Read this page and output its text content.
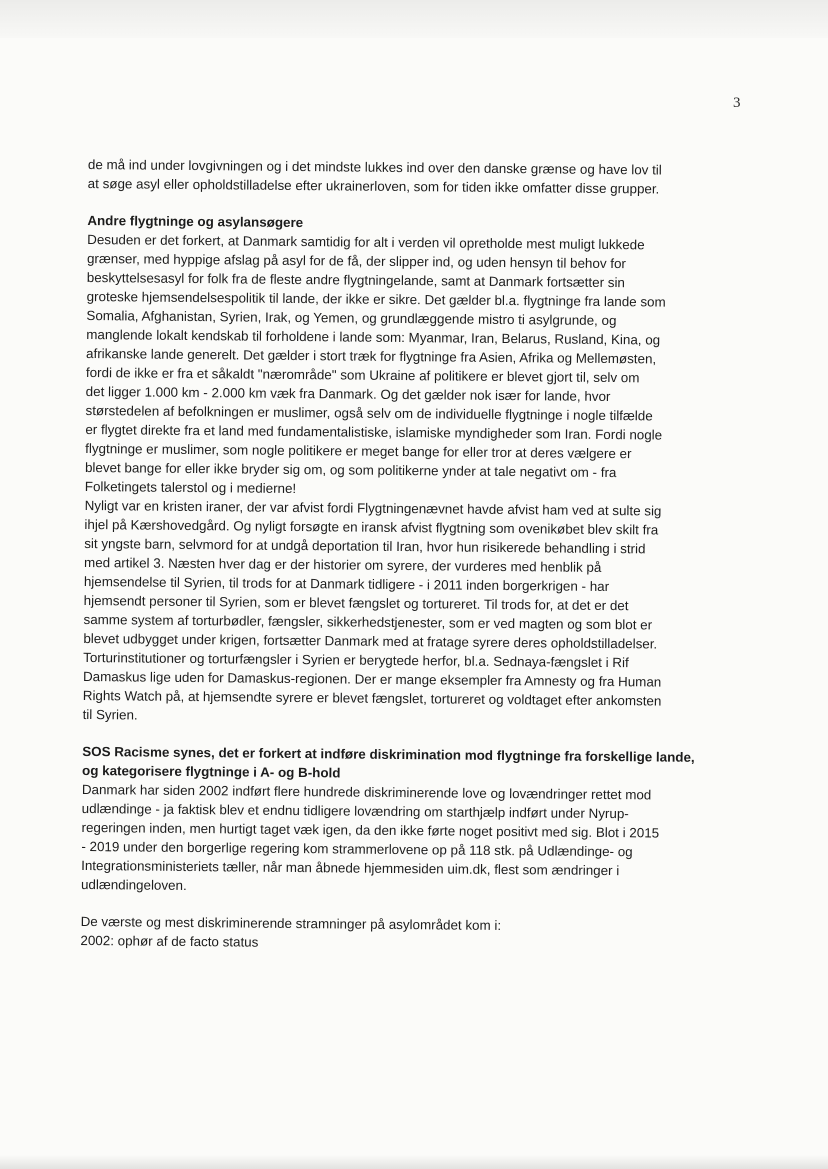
3

de må ind under lovgivningen og i det mindste lukkes ind over den danske grænse og have lov til
at søge asyl eller opholdstilladelse efter ukrainerloven, som for tiden ikke omfatter disse grupper.

Andre flygtninge og asylansøgere

Desuden er det forkert, at Danmark samtidig for alt i verden vil opretholde mest muligt lukkede
grænser, med hyppige afslag på asyl for de få, der slipper ind, og uden hensyn til behov for
beskyttelsesasyl for folk fra de fleste andre flygtningelande, samt at Danmark fortsætter sin
groteske hjemsendelsespolitik til lande, der ikke er sikre. Det gælder bl.a. flygtninge fra lande som
Somalia, Afghanistan, Syrien, Irak, og Yemen, og grundlæggende mistro ti asylgrunde, og
manglende lokalt kendskab til forholdene i lande som: Myanmar, Iran, Belarus, Rusland, Kina, og
afrikanske lande generelt. Det gælder i stort træk for flygtninge fra Asien, Afrika og Mellemøsten,
fordi de ikke er fra et såkaldt "nærområde" som Ukraine af politikere er blevet gjort til, selv om
det ligger 1.000 km - 2.000 km væk fra Danmark. Og det gælder nok især for lande, hvor
størstedelen af befolkningen er muslimer, også selv om de individuelle flygtninge i nogle tilfælde
er flygtet direkte fra et land med fundamentalistiske, islamiske myndigheder som Iran. Fordi nogle
flygtninge er muslimer, som nogle politikere er meget bange for eller tror at deres vælgere er
blevet bange for eller ikke bryder sig om, og som politikerne ynder at tale negativt om - fra
Folketingets talerstol og i medierne!

Nyligt var en kristen iraner, der var afvist fordi Flygtningenævnet havde afvist ham ved at sulte sig
ihjel på Kærshovedgård. Og nyligt forsøgte en iransk afvist flygtning som ovenikøbet blev skilt fra
sit yngste barn, selvmord for at undgå deportation til Iran, hvor hun risikerede behandling i strid
med artikel 3. Næsten hver dag er der historier om syrere, der vurderes med henblik på
hjemsendelse til Syrien, til trods for at Danmark tidligere - i 2011 inden borgerkrigen - har
hjemsendt personer til Syrien, som er blevet fængslet og tortureret. Til trods for, at det er det
samme system af torturbødler, fængsler, sikkerhedstjenester, som er ved magten og som blot er
blevet udbygget under krigen, fortsætter Danmark med at fratage syrere deres opholdstilladelser.
Torturinstitutioner og torturfængsler i Syrien er berygtede herfor, bl.a. Sednaya-fængslet i Rif
Damaskus lige uden for Damaskus-regionen. Der er mange eksempler fra Amnesty og fra Human
Rights Watch på, at hjemsendte syrere er blevet fængslet, tortureret og voldtaget efter ankomsten
til Syrien.

SOS Racisme synes, det er forkert at indføre diskrimination mod flygtninge fra forskellige lande,
og kategorisere flygtninge i A- og B-hold

Danmark har siden 2002 indført flere hundrede diskriminerende love og lovændringer rettet mod
udlændinge - ja faktisk blev et endnu tidligere lovændring om starthjælp indført under Nyrup-
regeringen inden, men hurtigt taget væk igen, da den ikke førte noget positivt med sig. Blot i 2015
- 2019 under den borgerlige regering kom strammerlovene op på 118 stk. på Udlændinge- og
Integrationsministeriets tæller, når man åbnede hjemmesiden uim.dk, flest som ændringer i
udlændingeloven.

De værste og mest diskriminerende stramninger på asylområdet kom i:
2002: ophør af de facto status
